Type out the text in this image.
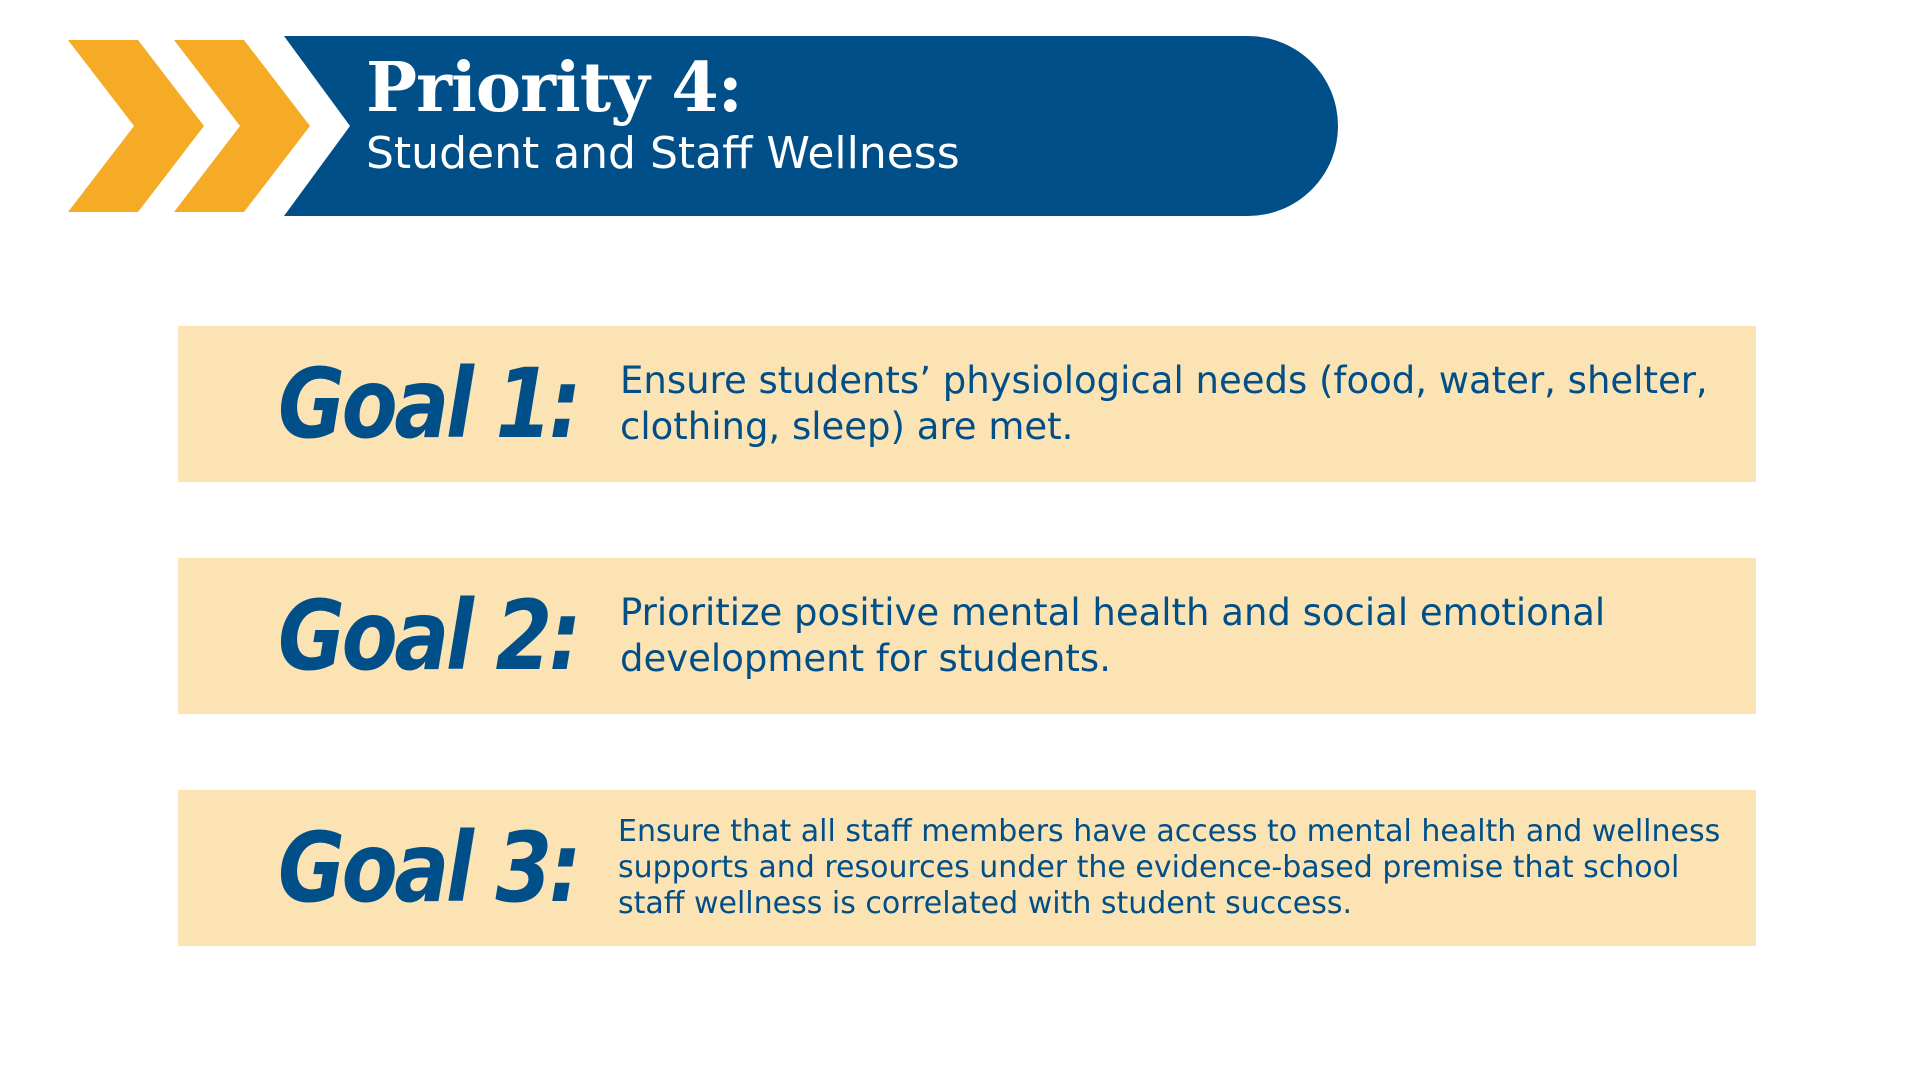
Priority 4:
Student and Staff Wellness
Goal 1: Ensure students’ physiological needs (food, water, shelter, clothing, sleep) are met.
Goal 2: Prioritize positive mental health and social emotional development for students.
Goal 3: Ensure that all staff members have access to mental health and wellness supports and resources under the evidence-based premise that school staff wellness is correlated with student success.
